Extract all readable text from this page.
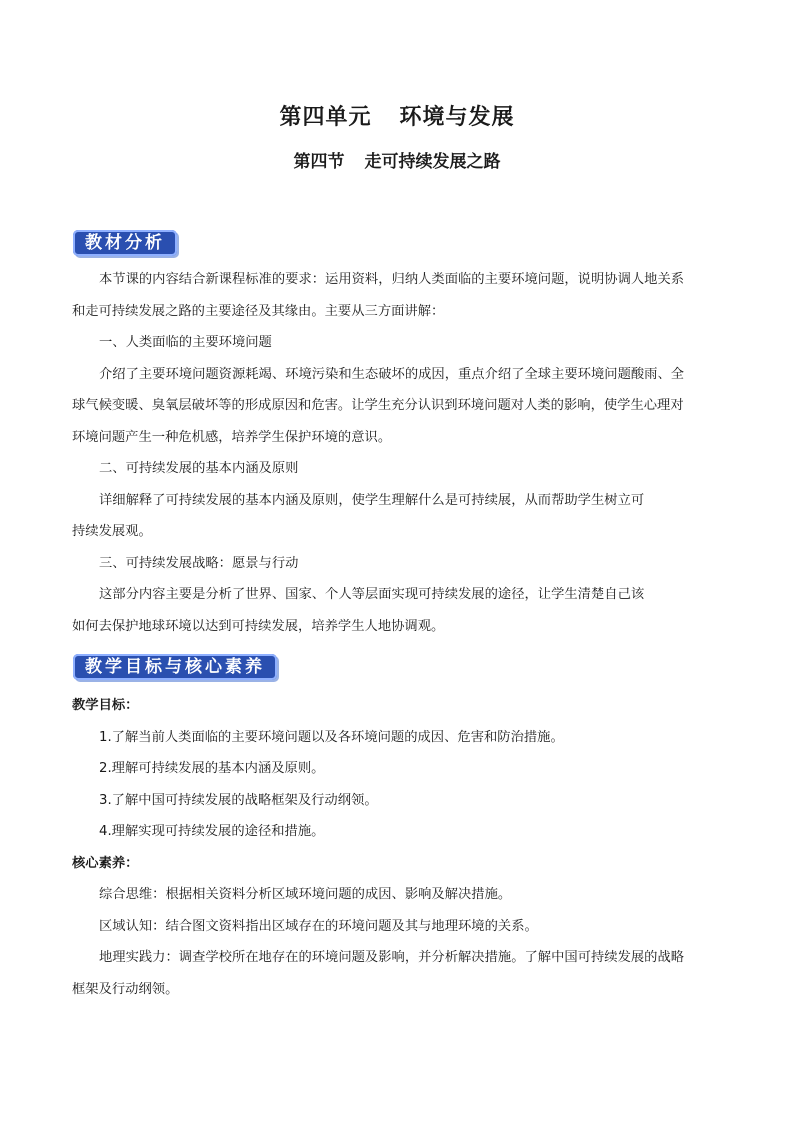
第四单元 环境与发展
第四节 走可持续发展之路
教材分析

本节课的内容结合新课程标准的要求：运用资料，归纳人类面临的主要环境问题，说明协调人地关系

和走可持续发展之路的主要途径及其缘由。主要从三方面讲解：

一、人类面临的主要环境问题

介绍了主要环境问题资源耗竭、环境污染和生态破坏的成因，重点介绍了全球主要环境问题酸雨、全

球气候变暖、臭氧层破坏等的形成原因和危害。让学生充分认识到环境问题对人类的影响，使学生心理对

环境问题产生一种危机感，培养学生保护环境的意识。

二、可持续发展的基本内涵及原则

详细解释了可持续发展的基本内涵及原则，使学生理解什么是可持续展，从而帮助学生树立可

持续发展观。

三、可持续发展战略：愿景与行动

这部分内容主要是分析了世界、国家、个人等层面实现可持续发展的途径，让学生清楚自己该

如何去保护地球环境以达到可持续发展，培养学生人地协调观。

教学目标与核心素养

教学目标：

1.了解当前人类面临的主要环境问题以及各环境问题的成因、危害和防治措施。

2.理解可持续发展的基本内涵及原则。

3.了解中国可持续发展的战略框架及行动纲领。

4.理解实现可持续发展的途径和措施。

核心素养：

综合思维：根据相关资料分析区域环境问题的成因、影响及解决措施。

区域认知：结合图文资料指出区域存在的环境问题及其与地理环境的关系。

地理实践力：调查学校所在地存在的环境问题及影响，并分析解决措施。了解中国可持续发展的战略

框架及行动纲领。
